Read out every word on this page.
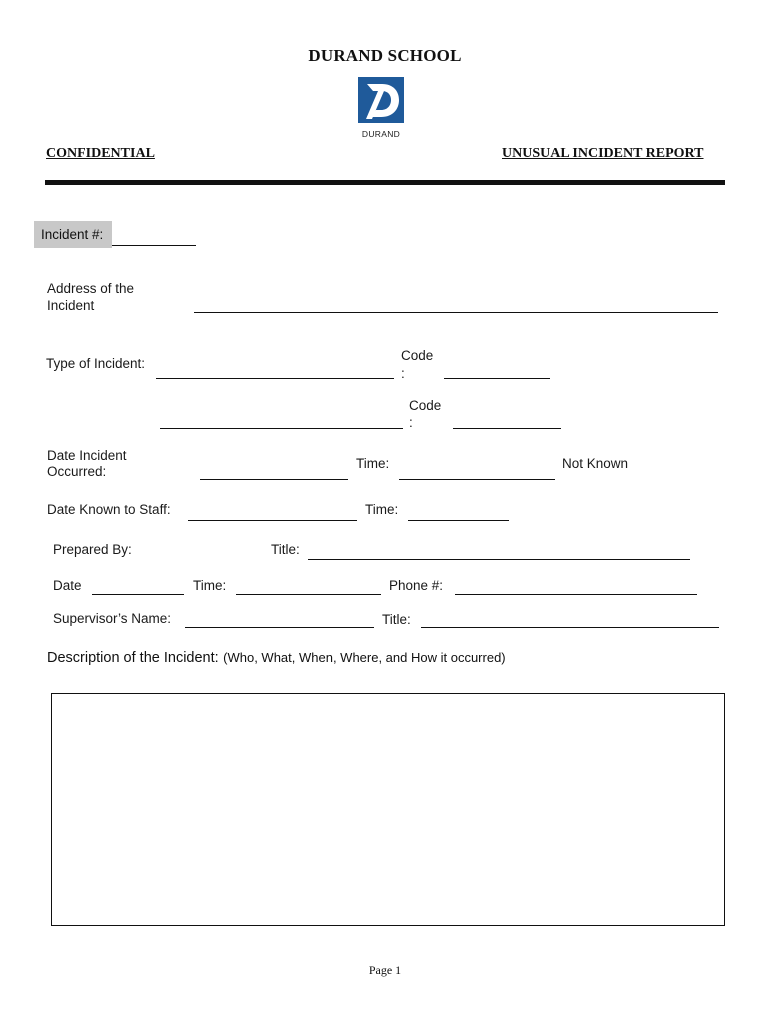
DURAND SCHOOL
DURAND
CONFIDENTIAL	UNUSUAL INCIDENT REPORT
Incident #:
Address of the
Incident
Type of Incident:
Code
:
Code
:
Date Incident
Occurred:
Time:	Not Known
Date Known to Staff:	Time:
Prepared By:	Title:
Date	Time:	Phone #:
Supervisor’s Name:	Title:
Description of the Incident: (Who, What, When, Where, and How it occurred)
Page 1
